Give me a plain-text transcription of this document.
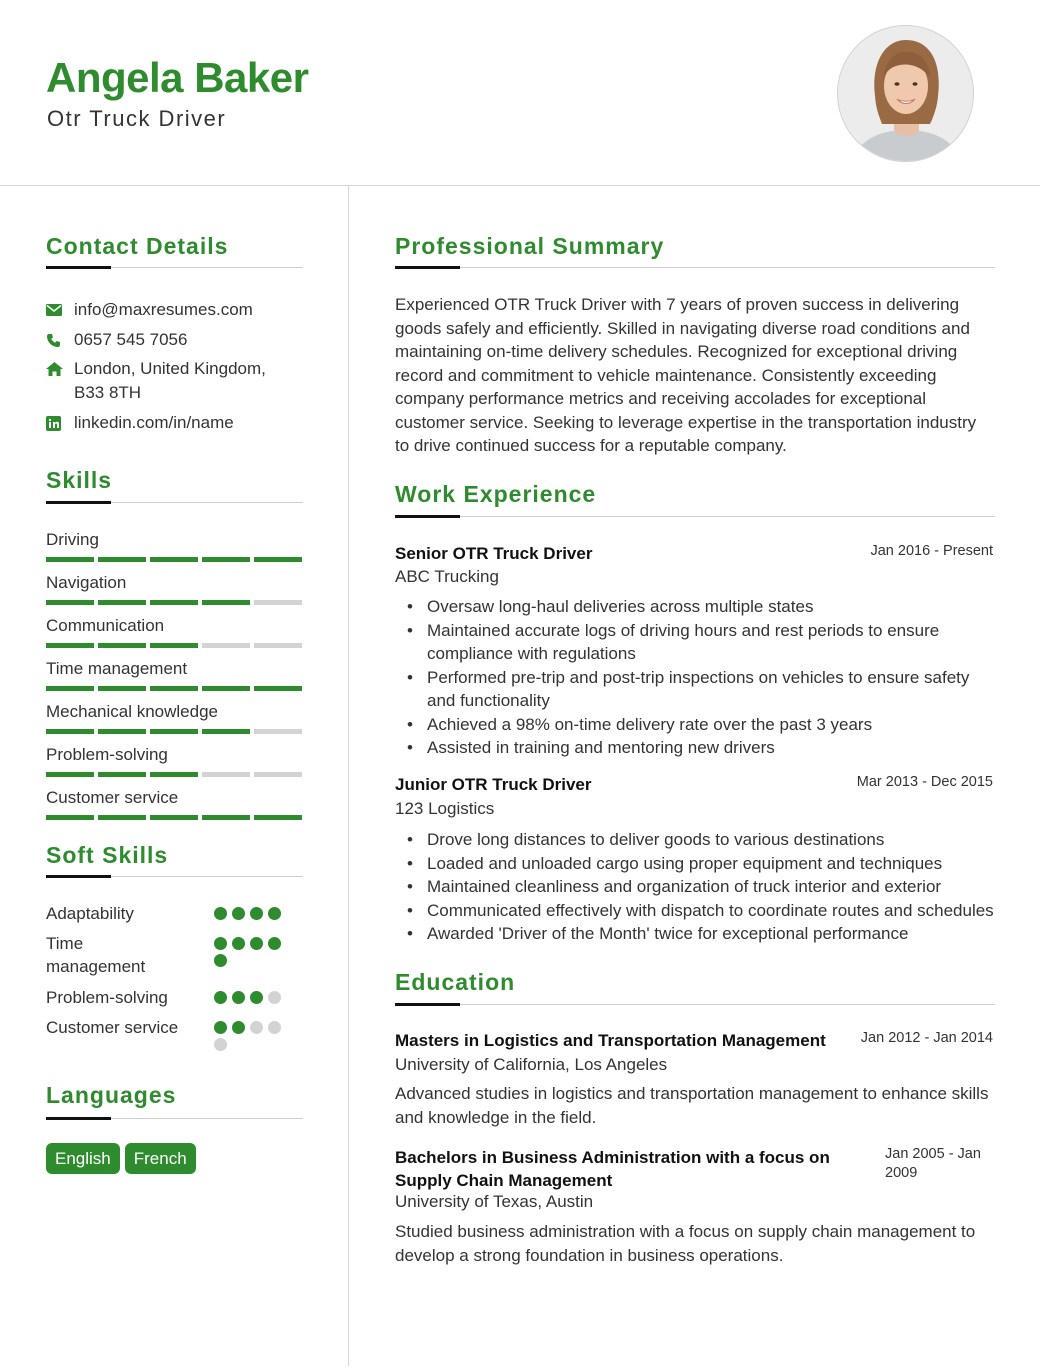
Angela Baker
Otr Truck Driver
Contact Details
info@maxresumes.com
0657 545 7056
London, United Kingdom, B33 8TH
linkedin.com/in/name
Skills
Driving
Navigation
Communication
Time management
Mechanical knowledge
Problem-solving
Customer service
Soft Skills
Adaptability
Time management
Problem-solving
Customer service
Languages
English	French
Professional Summary
Experienced OTR Truck Driver with 7 years of proven success in delivering goods safely and efficiently. Skilled in navigating diverse road conditions and maintaining on-time delivery schedules. Recognized for exceptional driving record and commitment to vehicle maintenance. Consistently exceeding company performance metrics and receiving accolades for exceptional customer service. Seeking to leverage expertise in the transportation industry to drive continued success for a reputable company.
Work Experience
Senior OTR Truck Driver	Jan 2016 - Present
ABC Trucking
• Oversaw long-haul deliveries across multiple states
• Maintained accurate logs of driving hours and rest periods to ensure compliance with regulations
• Performed pre-trip and post-trip inspections on vehicles to ensure safety and functionality
• Achieved a 98% on-time delivery rate over the past 3 years
• Assisted in training and mentoring new drivers
Junior OTR Truck Driver	Mar 2013 - Dec 2015
123 Logistics
• Drove long distances to deliver goods to various destinations
• Loaded and unloaded cargo using proper equipment and techniques
• Maintained cleanliness and organization of truck interior and exterior
• Communicated effectively with dispatch to coordinate routes and schedules
• Awarded 'Driver of the Month' twice for exceptional performance
Education
Masters in Logistics and Transportation Management	Jan 2012 - Jan 2014
University of California, Los Angeles
Advanced studies in logistics and transportation management to enhance skills and knowledge in the field.
Bachelors in Business Administration with a focus on Supply Chain Management
Jan 2005 - Jan 2009
University of Texas, Austin
Studied business administration with a focus on supply chain management to develop a strong foundation in business operations.
